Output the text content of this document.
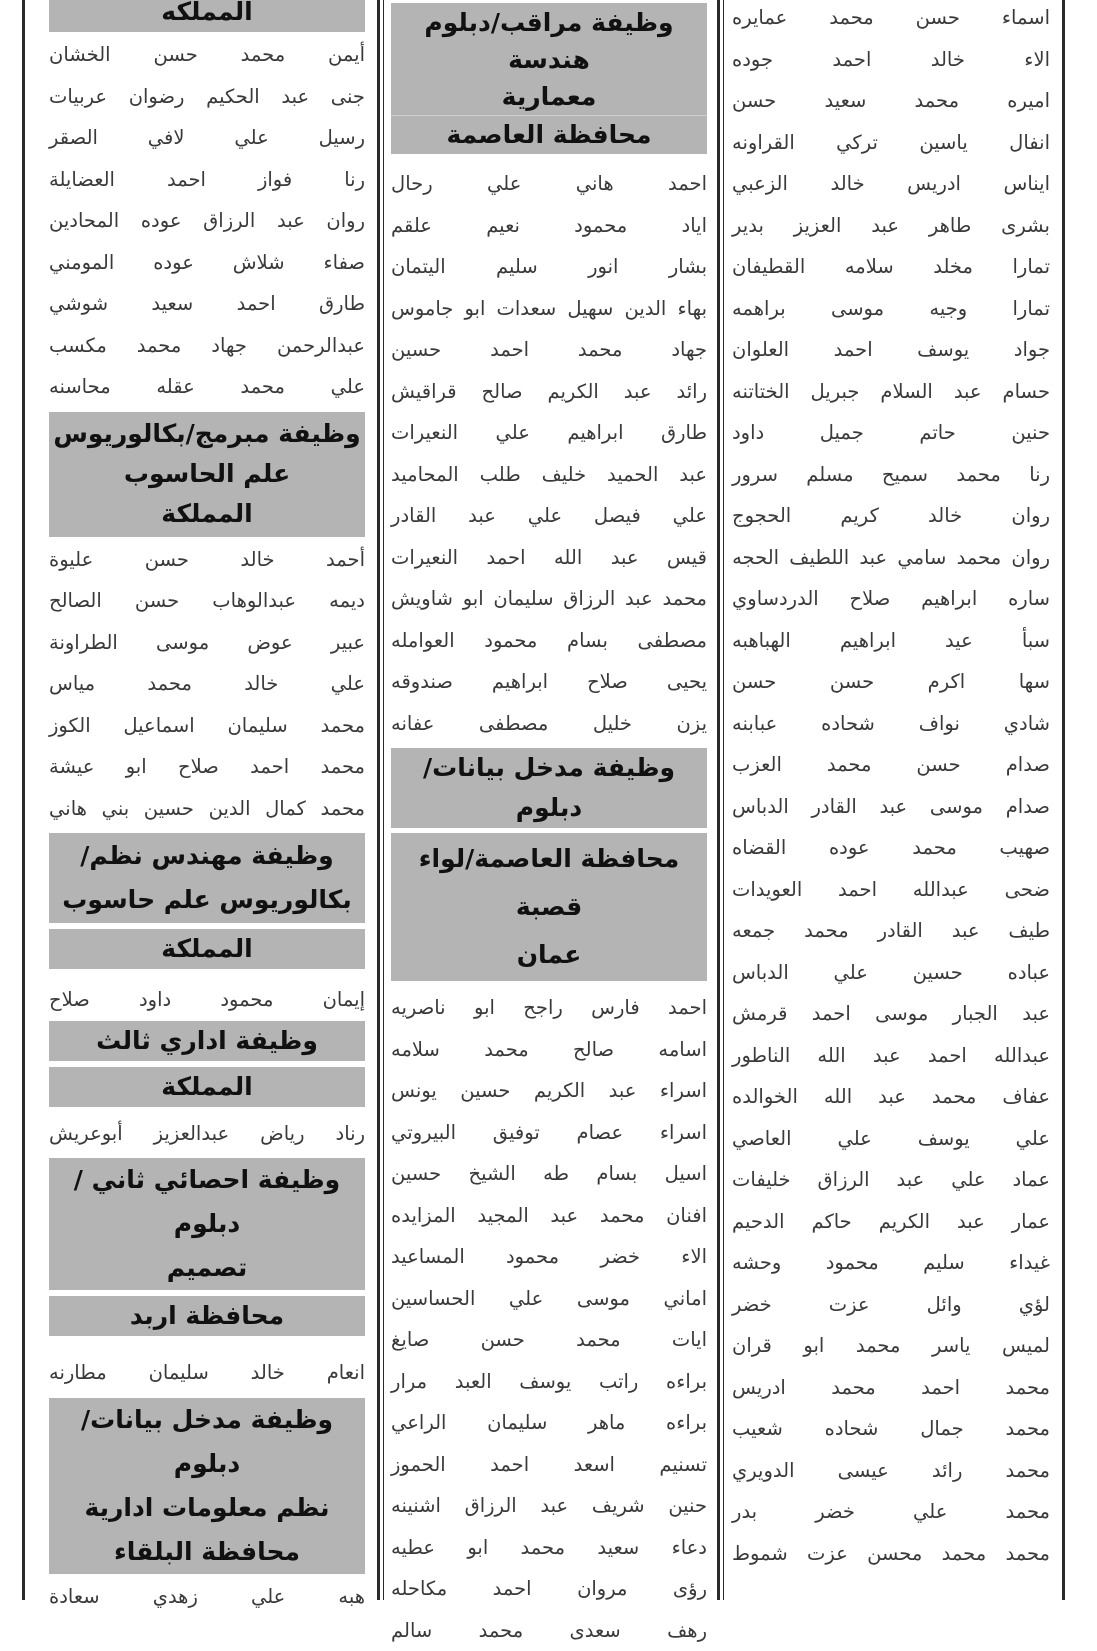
اسماء
حسن
محمد
عمايره
الاء
خالد
احمد
جوده
اميره
محمد
سعيد
حسن
انفال
ياسين
تركي
القراونه
ايناس
ادريس
خالد
الزعبي
بشرى
طاهر
عبد
العزيز
بدير
تمارا
مخلد
سلامه
القطيفان
تمارا
وجيه
موسى
براهمه
جواد
يوسف
احمد
العلوان
حسام
عبد
السلام
جبريل
الختاتنه
حنين
حاتم
جميل
داود
رنا
محمد
سميح
مسلم
سرور
روان
خالد
كريم
الحجوج
روان
محمد
سامي
عبد
اللطيف
الحجه
ساره
ابراهيم
صلاح
الدردساوي
سبأ
عيد
ابراهيم
الهباهبه
سها
اكرم
حسن
حسن
شادي
نواف
شحاده
عبابنه
صدام
حسن
محمد
العزب
صدام
موسى
عبد
القادر
الدباس
صهيب
محمد
عوده
القضاه
ضحى
عبدالله
احمد
العويدات
طيف
عبد
القادر
محمد
جمعه
عباده
حسين
علي
الدباس
عبد
الجبار
موسى
احمد
قرمش
عبدالله
احمد
عبد
الله
الناطور
عفاف
محمد
عبد
الله
الخوالده
علي
يوسف
علي
العاصي
عماد
علي
عبد
الرزاق
خليفات
عمار
عبد
الكريم
حاكم
الدحيم
غيداء
سليم
محمود
وحشه
لؤي
وائل
عزت
خضر
لميس
ياسر
محمد
ابو
قران
محمد
احمد
محمد
ادريس
محمد
جمال
شحاده
شعيب
محمد
رائد
عيسى
الدويري
محمد
علي
خضر
بدر
محمد
محمد
محسن
عزت
شموط
وظيفة مراقب/دبلوم هندسة
معمارية
محافظة العاصمة
احمد
هاني
علي
رحال
اياد
محمود
نعيم
علقم
بشار
انور
سليم
اليتمان
بهاء
الدين
سهيل
سعدات
ابو
جاموس
جهاد
محمد
احمد
حسين
رائد
عبد
الكريم
صالح
قراقيش
طارق
ابراهيم
علي
النعيرات
عبد
الحميد
خليف
طلب
المحاميد
علي
فيصل
علي
عبد
القادر
قيس
عبد
الله
احمد
النعيرات
محمد
عبد
الرزاق
سليمان
ابو
شاويش
مصطفى
بسام
محمود
العوامله
يحيى
صلاح
ابراهيم
صندوقه
يزن
خليل
مصطفى
عفانه
وظيفة مدخل بيانات/دبلوم
محافظة العاصمة/لواء قصبة
عمان
احمد
فارس
راجح
ابو
ناصريه
اسامه
صالح
محمد
سلامه
اسراء
عبد
الكريم
حسين
يونس
اسراء
عصام
توفيق
البيروتي
اسيل
بسام
طه
الشيخ
حسين
افنان
محمد
عبد
المجيد
المزايده
الاء
خضر
محمود
المساعيد
اماني
موسى
علي
الحساسين
ايات
محمد
حسن
صايغ
براءه
راتب
يوسف
العبد
مرار
براءه
ماهر
سليمان
الراعي
تسنيم
اسعد
احمد
الحموز
حنين
شريف
عبد
الرزاق
اشنينه
دعاء
سعيد
محمد
ابو
عطيه
رؤى
مروان
احمد
مكاحله
رهف
سعدى
محمد
سالم
المملكه
أيمن
محمد
حسن
الخشان
جنى
عبد
الحكيم
رضوان
عربيات
رسيل
علي
لافي
الصقر
رنا
فواز
احمد
العضايلة
روان
عبد
الرزاق
عوده
المحادين
صفاء
شلاش
عوده
المومني
طارق
احمد
سعيد
شوشي
عبدالرحمن
جهاد
محمد
مكسب
علي
محمد
عقله
محاسنه
وظيفة مبرمج/بكالوريوس
علم الحاسوب
المملكة
أحمد
خالد
حسن
عليوة
ديمه
عبدالوهاب
حسن
الصالح
عبير
عوض
موسى
الطراونة
علي
خالد
محمد
مياس
محمد
سليمان
اسماعيل
الكوز
محمد
احمد
صلاح
ابو
عيشة
محمد
كمال
الدين
حسين
بني
هاني
وظيفة مهندس نظم/
بكالوريوس علم حاسوب
المملكة
إيمان
محمود
داود
صلاح
وظيفة اداري ثالث
المملكة
رناد
رياض
عبدالعزيز
أبوعريش
وظيفة احصائي ثاني /دبلوم
تصميم
محافظة اربد
انعام
خالد
سليمان
مطارنه
وظيفة مدخل بيانات/دبلوم
نظم معلومات ادارية
محافظة البلقاء
هبه
علي
زهدي
سعادة
